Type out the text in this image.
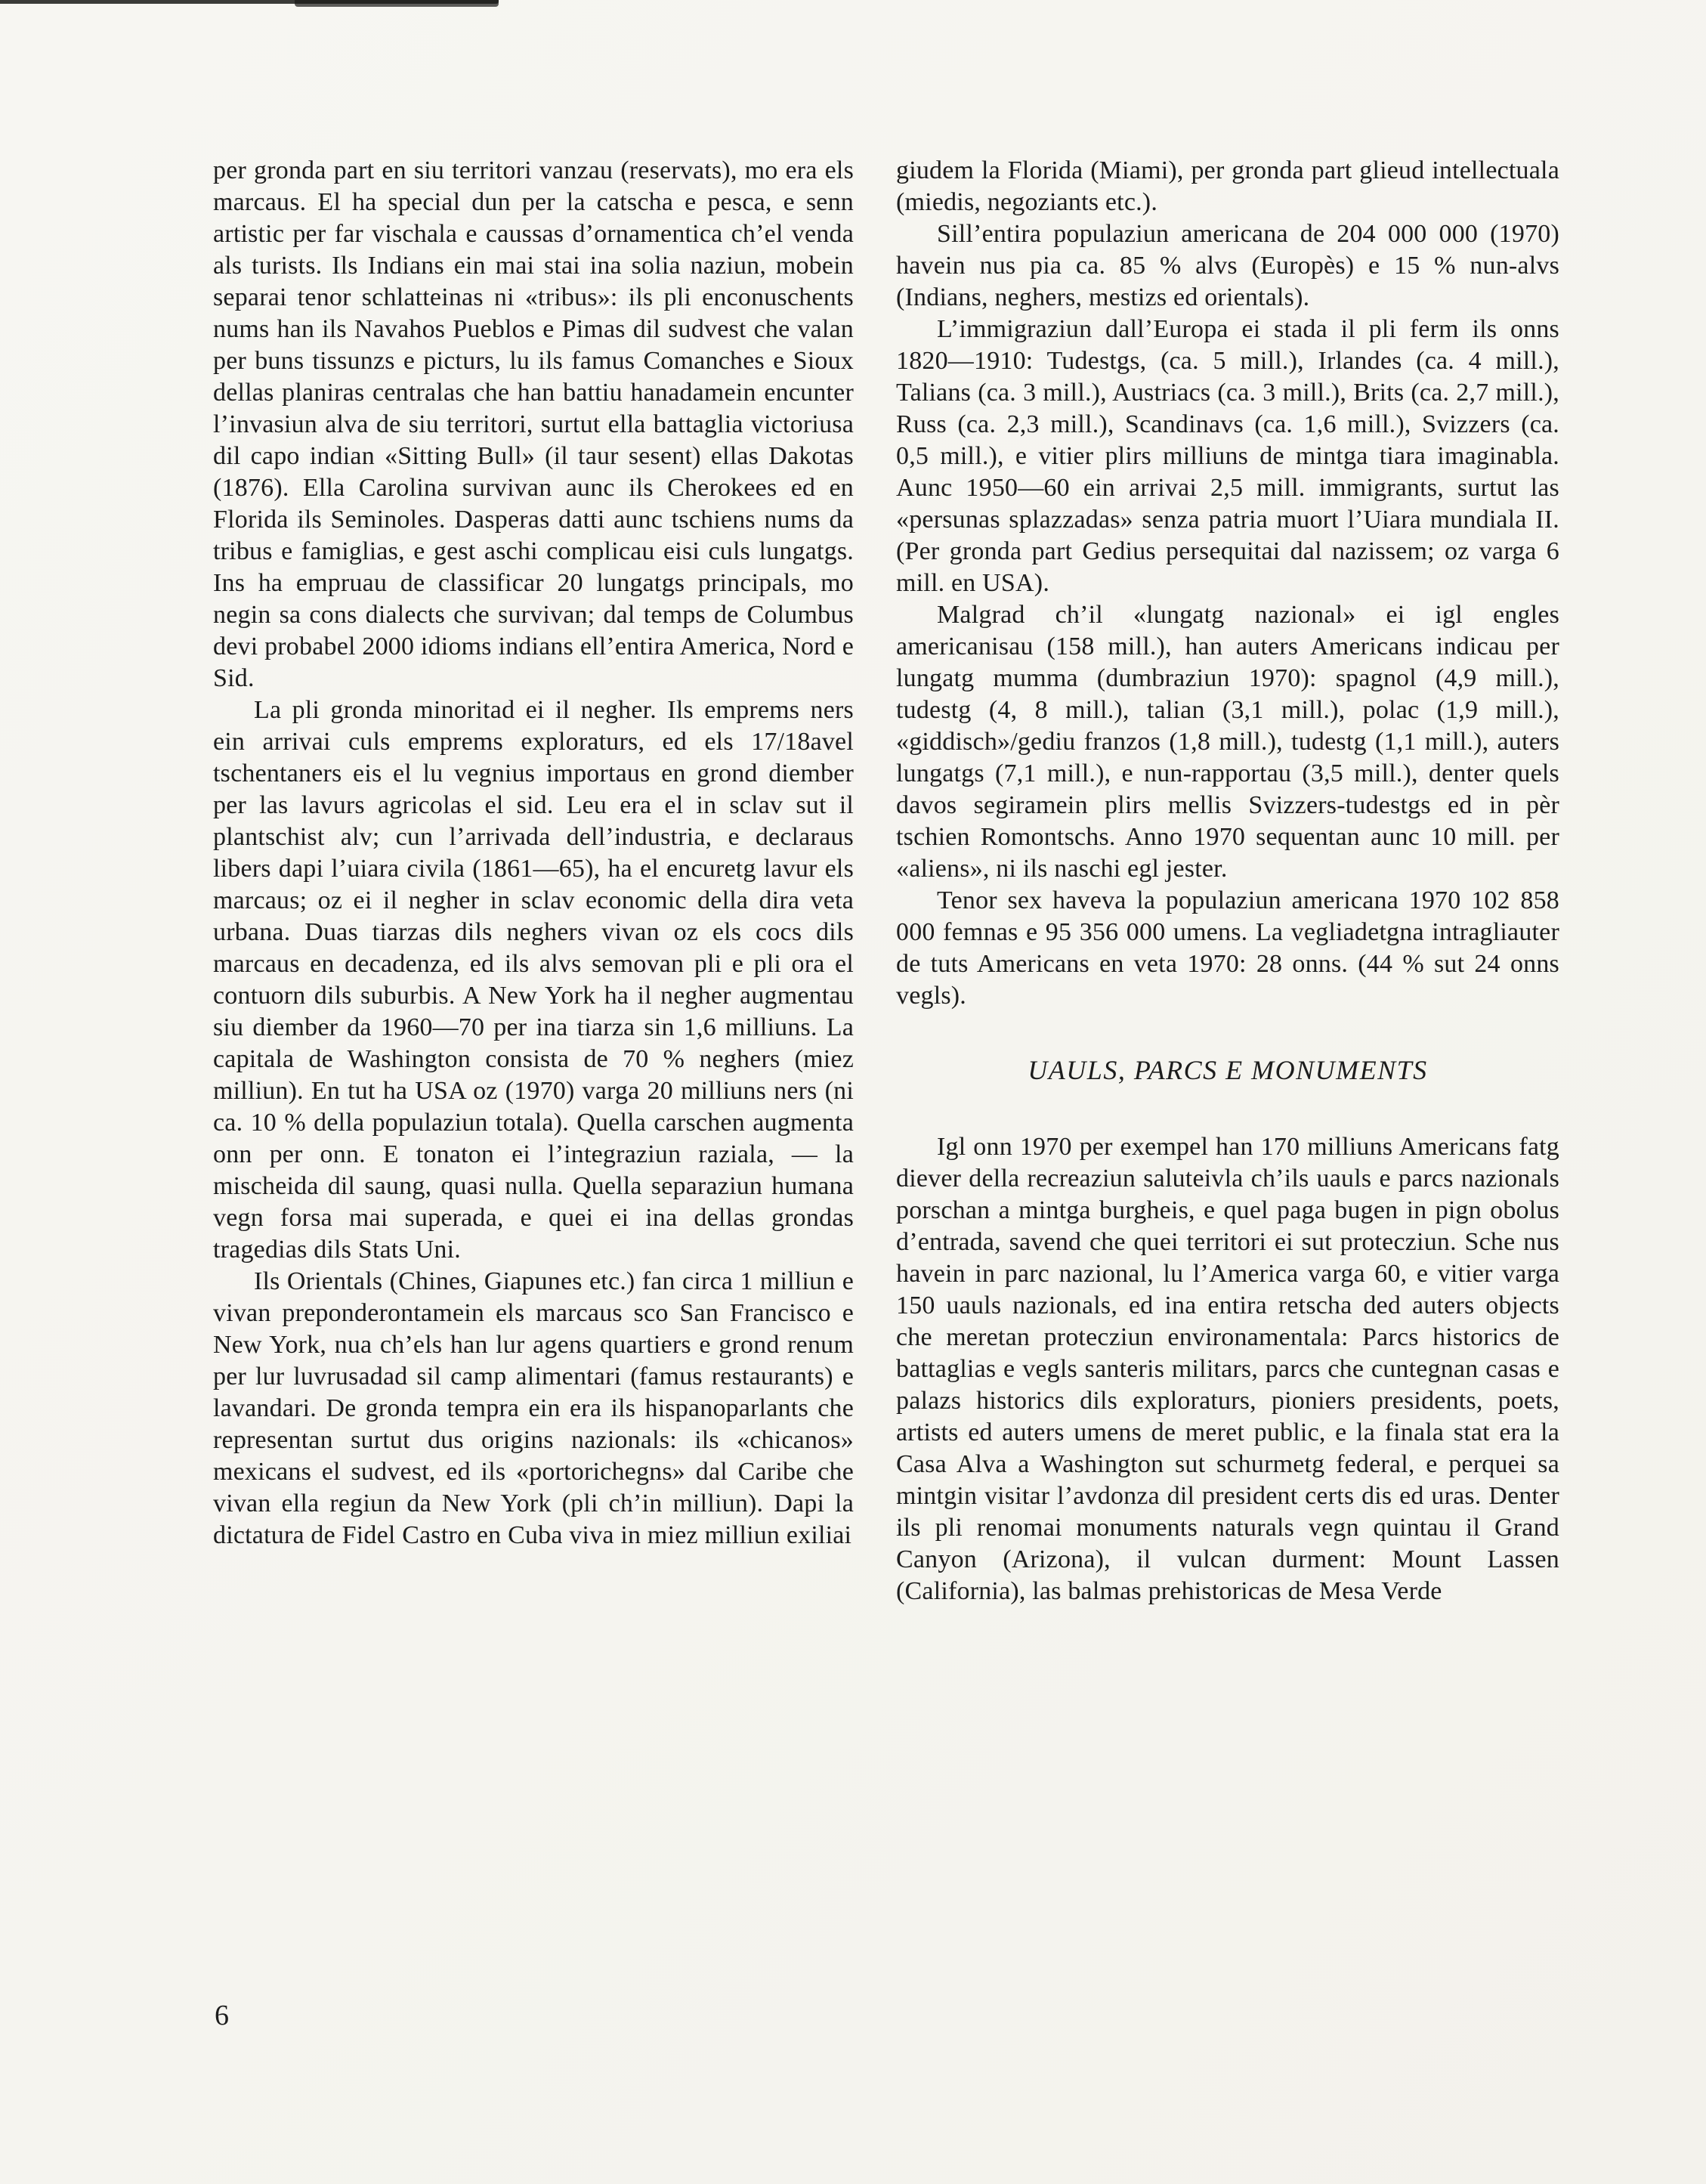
per gronda part en siu territori vanzau (reservats), mo era els marcaus. El ha special dun per la catscha e pesca, e senn artistic per far vischala e caussas d’ornamentica ch’el venda als turists. Ils Indians ein mai stai ina solia naziun, mobein separai tenor schlatteinas ni «tribus»: ils pli enconuschents nums han ils Navahos Pueblos e Pimas dil sudvest che valan per buns tissunzs e picturs, lu ils famus Comanches e Sioux dellas planiras centralas che han battiu hanadamein encunter l’invasiun alva de siu territori, surtut ella battaglia victoriusa dil capo indian «Sitting Bull» (il taur sesent) ellas Dakotas (1876). Ella Carolina survivan aunc ils Cherokees ed en Florida ils Seminoles. Dasperas datti aunc tschiens nums da tribus e famiglias, e gest aschi complicau eisi culs lungatgs. Ins ha empruau de classificar 20 lungatgs principals, mo negin sa cons dialects che survivan; dal temps de Columbus devi probabel 2000 idioms indians ell’entira America, Nord e Sid.

La pli gronda minoritad ei il negher. Ils emprems ners ein arrivai culs emprems exploraturs, ed els 17/18avel tschentaners eis el lu vegnius importaus en grond diember per las lavurs agricolas el sid. Leu era el in sclav sut il plantschist alv; cun l’arrivada dell’industria, e declaraus libers dapi l’uiara civila (1861—65), ha el encuretg lavur els marcaus; oz ei il negher in sclav economic della dira veta urbana. Duas tiarzas dils neghers vivan oz els cocs dils marcaus en decadenza, ed ils alvs semovan pli e pli ora el contuorn dils suburbis. A New York ha il negher augmentau siu diember da 1960—70 per ina tiarza sin 1,6 milliuns. La capitala de Washington consista de 70 % neghers (miez milliun). En tut ha USA oz (1970) varga 20 milliuns ners (ni ca. 10 % della populaziun totala). Quella carschen augmenta onn per onn. E tonaton ei l’integraziun raziala, — la mischeida dil saung, quasi nulla. Quella separaziun humana vegn forsa mai superada, e quei ei ina dellas grondas tragedias dils Stats Uni.

Ils Orientals (Chines, Giapunes etc.) fan circa 1 milliun e vivan preponderontamein els marcaus sco San Francisco e New York, nua ch’els han lur agens quartiers e grond renum per lur luvrusadad sil camp alimentari (famus restaurants) e lavandari. De gronda tempra ein era ils hispanoparlants che representan surtut dus origins nazionals: ils «chicanos» mexicans el sudvest, ed ils «portorichegns» dal Caribe che vivan ella regiun da New York (pli ch’in milliun). Dapi la dictatura de Fidel Castro en Cuba viva in miez milliun exiliai

giudem la Florida (Miami), per gronda part glieud intellectuala (miedis, negoziants etc.).

Sill’entira populaziun americana de 204 000 000 (1970) havein nus pia ca. 85 % alvs (Europès) e 15 % nun-alvs (Indians, neghers, mestizs ed orientals).

L’immigraziun dall’Europa ei stada il pli ferm ils onns 1820—1910: Tudestgs, (ca. 5 mill.), Irlandes (ca. 4 mill.), Talians (ca. 3 mill.), Austriacs (ca. 3 mill.), Brits (ca. 2,7 mill.), Russ (ca. 2,3 mill.), Scandinavs (ca. 1,6 mill.), Svizzers (ca. 0,5 mill.), e vitier plirs milliuns de mintga tiara imaginabla. Aunc 1950—60 ein arrivai 2,5 mill. immigrants, surtut las «persunas splazzadas» senza patria muort l’Uiara mundiala II. (Per gronda part Gedius persequitai dal nazissem; oz varga 6 mill. en USA).

Malgrad ch’il «lungatg nazional» ei igl engles americanisau (158 mill.), han auters Americans indicau per lungatg mumma (dumbraziun 1970): spagnol (4,9 mill.), tudestg (4, 8 mill.), talian (3,1 mill.), polac (1,9 mill.), «giddisch»/gediu franzos (1,8 mill.), tudestg (1,1 mill.), auters lungatgs (7,1 mill.), e nun-rapportau (3,5 mill.), denter quels davos segiramein plirs mellis Svizzers-tudestgs ed in pèr tschien Romontschs. Anno 1970 sequentan aunc 10 mill. per «aliens», ni ils naschi egl jester.

Tenor sex haveva la populaziun americana 1970 102 858 000 femnas e 95 356 000 umens. La vegliadetgna intragliauter de tuts Americans en veta 1970: 28 onns. (44 % sut 24 onns vegls).

UAULS, PARCS E MONUMENTS

Igl onn 1970 per exempel han 170 milliuns Americans fatg diever della recreaziun saluteivla ch’ils uauls e parcs nazionals porschan a mintga burgheis, e quel paga bugen in pign obolus d’entrada, savend che quei territori ei sut protecziun. Sche nus havein in parc nazional, lu l’America varga 60, e vitier varga 150 uauls nazionals, ed ina entira retscha ded auters objects che meretan protecziun environamentala: Parcs historics de battaglias e vegls santeris militars, parcs che cuntegnan casas e palazs historics dils exploraturs, pioniers presidents, poets, artists ed auters umens de meret public, e la finala stat era la Casa Alva a Washington sut schurmetg federal, e perquei sa mintgin visitar l’avdonza dil president certs dis ed uras. Denter ils pli renomai monuments naturals vegn quintau il Grand Canyon (Arizona), il vulcan durment: Mount Lassen (California), las balmas prehistoricas de Mesa Verde

6
